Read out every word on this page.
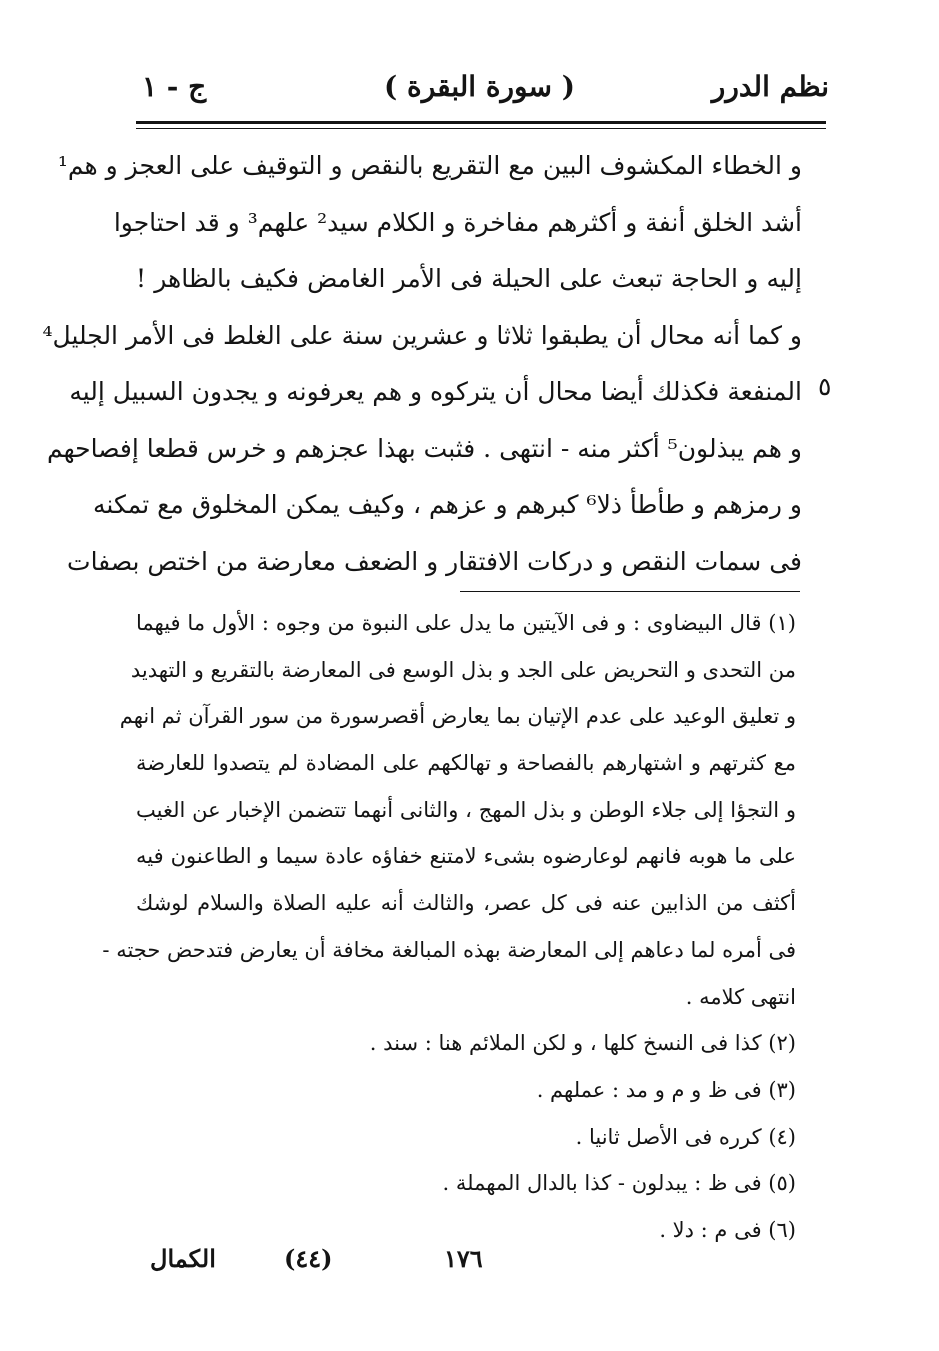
نظم الدرر
( سورة البقرة )
ج - ١
٥
و الخطاء المكشوف البين مع التقريع بالنقص و التوقيف على العجز و هم¹
أشد الخلق أنفة و أكثرهم مفاخرة و الكلام سيد² علهم³ و قد احتاجوا
إليه و الحاجة تبعث على الحيلة فى الأمر الغامض فكيف بالظاهر !
و كما أنه محال أن يطبقوا ثلاثا و عشرين سنة على الغلط فى الأمر الجليل⁴
المنفعة فكذلك أيضا محال أن يتركوه و هم يعرفونه و يجدون السبيل إليه
و هم يبذلون⁵ أكثر منه - انتهى . فثبت بهذا عجزهم و خرس قطعا إفصاحهم
و رمزهم و طأطأ ذلا⁶ كبرهم و عزهم ، وكيف يمكن المخلوق مع تمكنه
فى سمات النقص و دركات الافتقار و الضعف معارضة من اختص بصفات
(١) قال البيضاوى : و فى الآيتين ما يدل على النبوة من وجوه : الأول ما فيهما
من التحدى و التحريض على الجد و بذل الوسع فى المعارضة بالتقريع و التهديد
و تعليق الوعيد على عدم الإتيان بما يعارض أقصرسورة من سور القرآن ثم انهم
مع كثرتهم و اشتهارهم بالفصاحة و تهالكهم على المضادة لم يتصدوا للعارضة
و التجؤا إلى جلاء الوطن و بذل المهج ، والثانى أنهما تتضمن الإخبار عن الغيب
على ما هوبه فانهم لوعارضوه بشىء لامتنع خفاؤه عادة سيما و الطاعنون فيه
أكثف من الذابين عنه فى كل عصر، والثالث أنه عليه الصلاة والسلام لوشك
فى أمره لما دعاهم إلى المعارضة بهذه المبالغة مخافة أن يعارض فتدحض حجته -
انتهى كلامه .
(٢) كذا فى النسخ كلها ، و لكن الملائم هنا : سند .
(٣) فى ظ و م و مد : عملهم .
(٤) كرره فى الأصل ثانيا .
(٥) فى ظ : يبدلون - كذا بالدال المهملة .
(٦) فى م : دلا .
الكمال	(٤٤)	١٧٦
